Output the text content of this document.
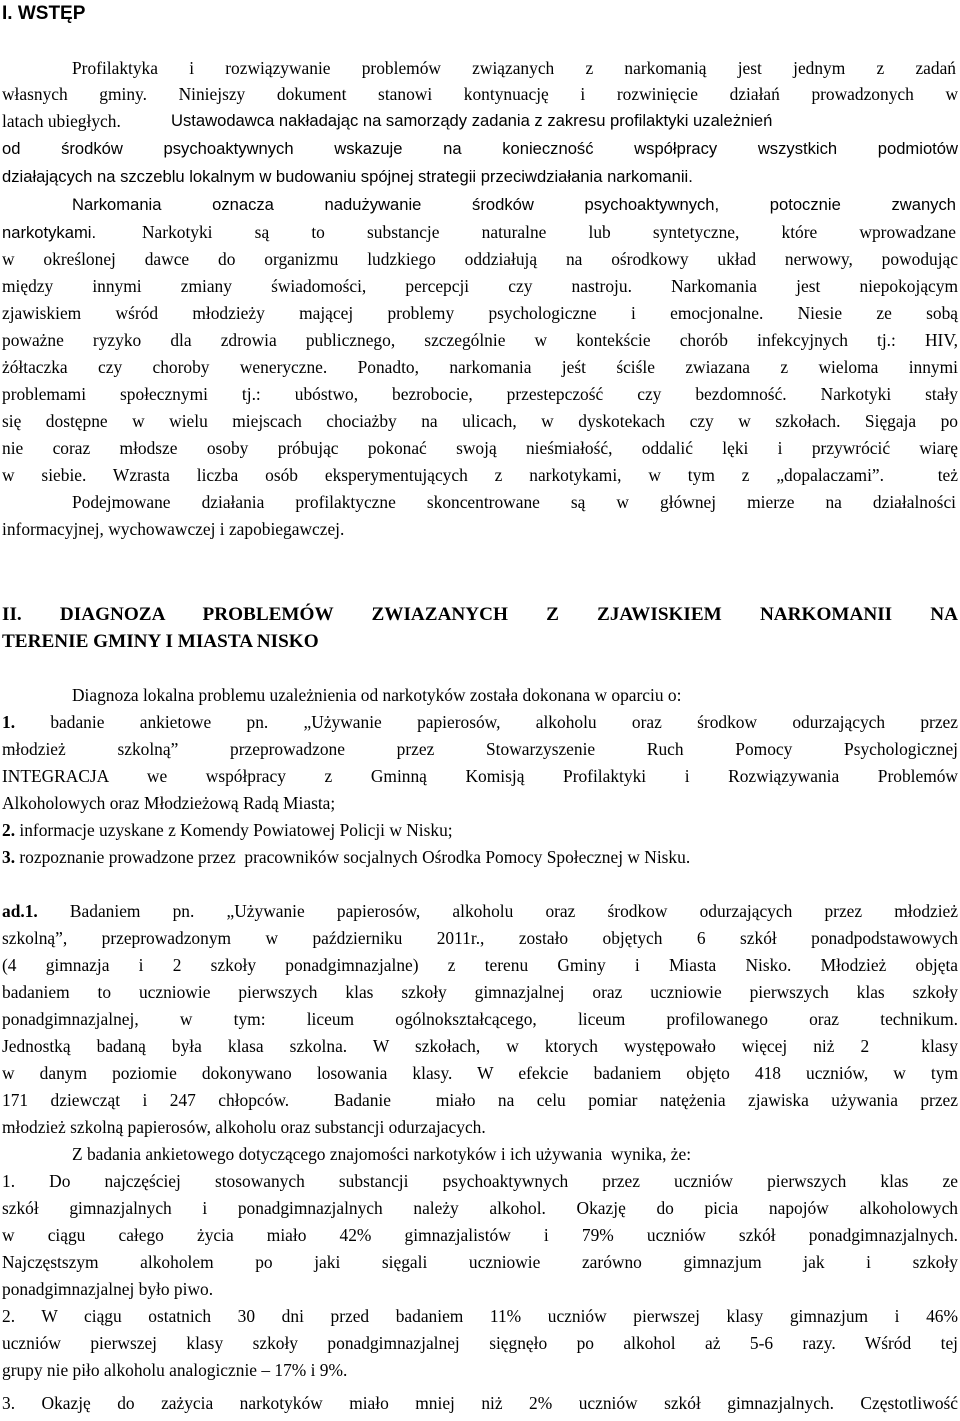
I. WSTĘP
Profilaktyka i rozwiązywanie problemów związanych z narkomanią jest jednym z zadań
własnych gminy. Niniejszy dokument stanowi kontynuację i rozwinięcie działań prowadzonych w
latach ubiegłych.	Ustawodawca nakładając na samorządy zadania z zakresu profilaktyki uzależnień
od środków psychoaktywnych wskazuje na konieczność współpracy wszystkich podmiotów
działających na szczeblu lokalnym w budowaniu spójnej strategii przeciwdziałania narkomanii.
Narkomania oznacza nadużywanie środków psychoaktywnych, potocznie zwanych
narkotykami.	Narkotyki są to substancje naturalne lub syntetyczne, które wprowadzane
w określonej dawce do organizmu ludzkiego oddziałują na ośrodkowy układ nerwowy, powodując
między innymi zmiany świadomości, percepcji czy nastroju. Narkomania jest niepokojącym
zjawiskiem wśród młodzieży mającej problemy psychologiczne i emocjonalne. Niesie ze sobą
poważne ryzyko dla zdrowia publicznego, szczególnie w kontekście chorób infekcyjnych tj.: HIV,
żółtaczka czy choroby weneryczne. Ponadto, narkomania jeśt ściśle zwiazana z wieloma innymi
problemami społecznymi tj.: ubóstwo, bezrobocie, przestepczość czy bezdomność. Narkotyki stały
się dostępne w wielu miejscach chociażby na ulicach, w dyskotekach czy w szkołach. Sięgaja po
nie coraz młodsze osoby próbując pokonać swoją nieśmiałość, oddalić lęki i przywrócić wiarę
w siebie. Wzrasta liczba osób eksperymentujących z narkotykami, w tym z „dopalaczami”.  też
Podejmowane działania profilaktyczne skoncentrowane są w głównej mierze na działalności
informacyjnej, wychowawczej i zapobiegawczej.
II. DIAGNOZA PROBLEMÓW ZWIAZANYCH Z ZJAWISKIEM NARKOMANII NA
TERENIE GMINY I MIASTA NISKO
Diagnoza lokalna problemu uzależnienia od narkotyków została dokonana w oparciu o:
1. badanie ankietowe pn. „Używanie papierosów, alkoholu oraz środkow odurzających przez
młodzież szkolną” przeprowadzone przez Stowarzyszenie Ruch Pomocy Psychologicznej
INTEGRACJA we współpracy z Gminną Komisją Profilaktyki i Rozwiązywania Problemów
Alkoholowych oraz Młodzieżową Radą Miasta;
2. informacje uzyskane z Komendy Powiatowej Policji w Nisku;
3. rozpoznanie prowadzone przez  pracowników socjalnych Ośrodka Pomocy Społecznej w Nisku.
ad.1. Badaniem pn. „Używanie papierosów, alkoholu oraz środkow odurzających przez młodzież
szkolną”, przeprowadzonym w październiku 2011r., zostało objętych 6 szkół ponadpodstawowych
(4 gimnazja i 2 szkoły ponadgimnazjalne) z terenu Gminy i Miasta Nisko. Młodzież objęta
badaniem to uczniowie pierwszych klas szkoły gimnazjalnej oraz uczniowie pierwszych klas szkoły
ponadgimnazjalnej, w tym: liceum ogólnokształcącego, liceum profilowanego oraz technikum.
Jednostką badaną była klasa szkolna. W szkołach, w ktorych występowało więcej niż 2  klasy
w danym poziomie dokonywano losowania klasy. W efekcie badaniem objęto 418 uczniów, w tym
171 dziewcząt i 247 chłopców.  Badanie  miało na celu pomiar natężenia zjawiska używania przez
młodzież szkolną papierosów, alkoholu oraz substancji odurzajacych.
Z badania ankietowego dotyczącego znajomości narkotyków i ich używania  wynika, że:
1. Do najczęściej stosowanych substancji psychoaktywnych przez uczniów pierwszych klas ze
szkół gimnazjalnych i ponadgimnazjalnych należy alkohol. Okazję do picia napojów alkoholowych
w ciągu całego życia miało 42% gimnazjalistów i 79% uczniów szkół ponadgimnazjalnych.
Najczęstszym alkoholem po jaki sięgali uczniowie zarówno gimnazjum jak i szkoły
ponadgimnazjalnej było piwo.
2. W ciągu ostatnich 30 dni przed badaniem 11% uczniów pierwszej klasy gimnazjum i 46%
uczniów pierwszej klasy szkoły ponadgimnazjalnej sięgnęło po alkohol aż 5-6 razy. Wśród tej
grupy nie piło alkoholu analogicznie – 17% i 9%.
3. Okazję do zażycia narkotyków miało mniej niż 2% uczniów szkół gimnazjalnych. Częstotliwość
